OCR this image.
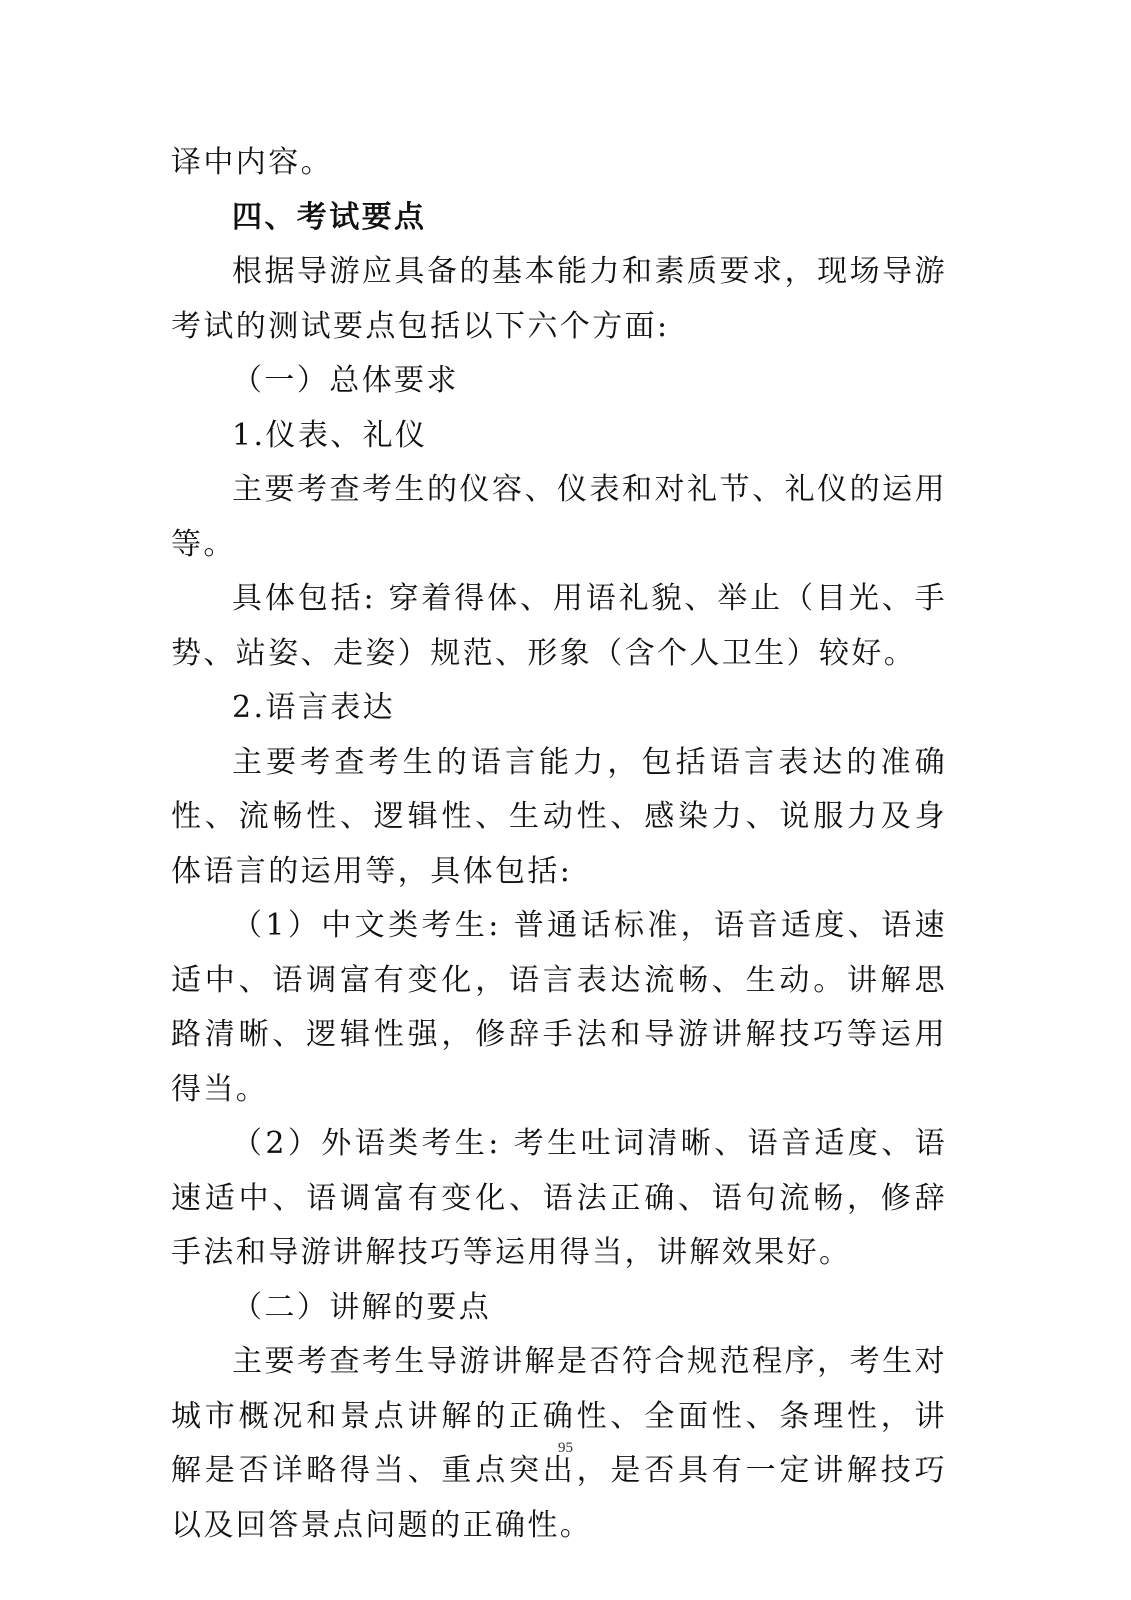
译中内容。

四、考试要点

根据导游应具备的基本能力和素质要求，现场导游考试的测试要点包括以下六个方面:

（一）总体要求

1.仪表、礼仪

主要考查考生的仪容、仪表和对礼节、礼仪的运用等。

具体包括: 穿着得体、用语礼貌、举止（目光、手势、站姿、走姿）规范、形象（含个人卫生）较好。

2.语言表达

主要考查考生的语言能力，包括语言表达的准确性、流畅性、逻辑性、生动性、感染力、说服力及身体语言的运用等，具体包括:

（1）中文类考生: 普通话标准，语音适度、语速适中、语调富有变化，语言表达流畅、生动。讲解思路清晰、逻辑性强，修辞手法和导游讲解技巧等运用得当。

（2）外语类考生: 考生吐词清晰、语音适度、语速适中、语调富有变化、语法正确、语句流畅，修辞手法和导游讲解技巧等运用得当，讲解效果好。

（二）讲解的要点

主要考查考生导游讲解是否符合规范程序，考生对城市概况和景点讲解的正确性、全面性、条理性，讲解是否详略得当、重点突出，是否具有一定讲解技巧以及回答景点问题的正确性。

95
